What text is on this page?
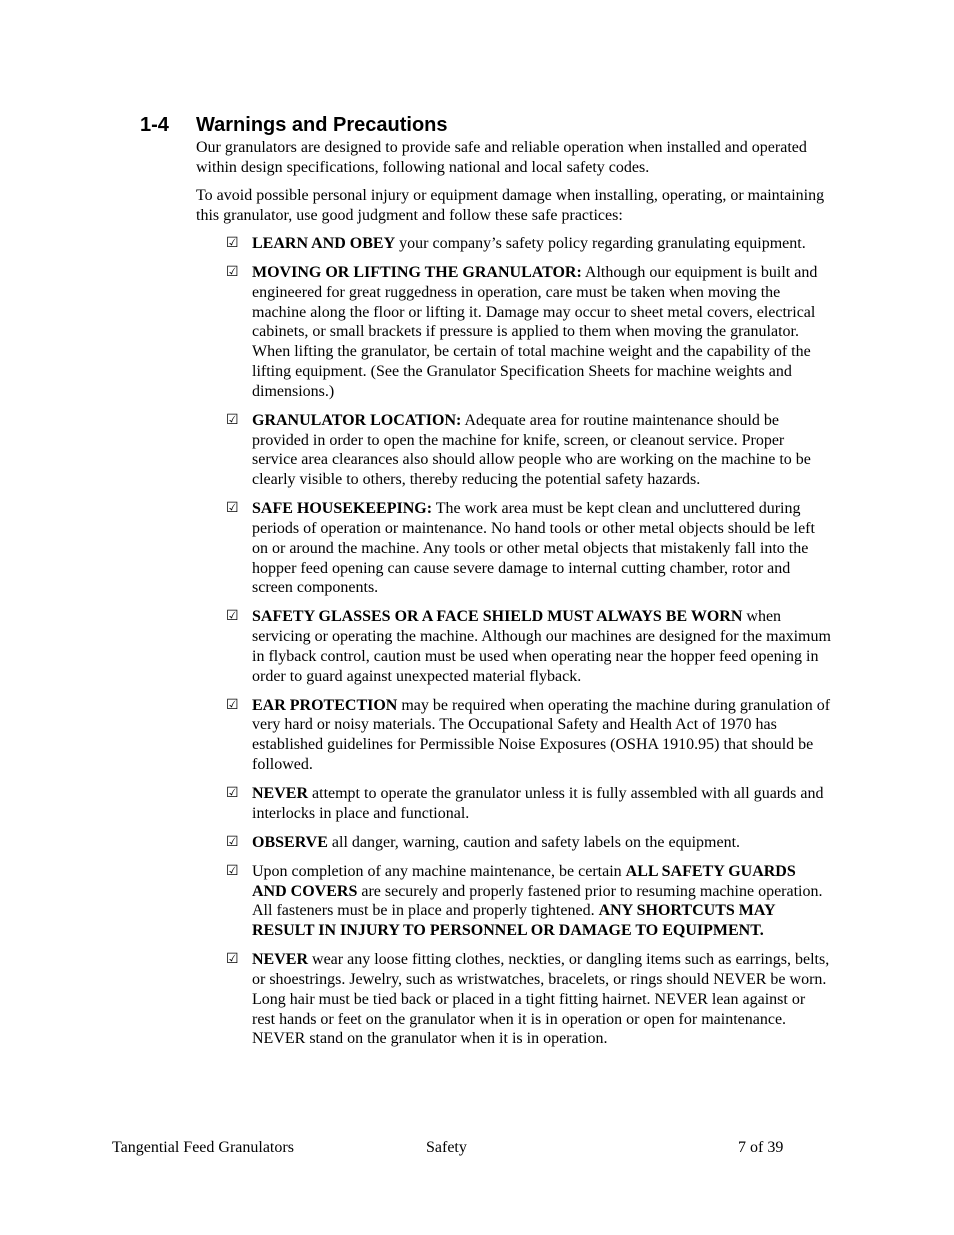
1-4	Warnings and Precautions

Our granulators are designed to provide safe and reliable operation when installed and operated within design specifications, following national and local safety codes.

To avoid possible personal injury or equipment damage when installing, operating, or maintaining this granulator, use good judgment and follow these safe practices:

☑ LEARN AND OBEY your company’s safety policy regarding granulating equipment.
☑ MOVING OR LIFTING THE GRANULATOR: Although our equipment is built and engineered for great ruggedness in operation, care must be taken when moving the machine along the floor or lifting it. Damage may occur to sheet metal covers, electrical cabinets, or small brackets if pressure is applied to them when moving the granulator. When lifting the granulator, be certain of total machine weight and the capability of the lifting equipment. (See the Granulator Specification Sheets for machine weights and dimensions.)
☑ GRANULATOR LOCATION: Adequate area for routine maintenance should be provided in order to open the machine for knife, screen, or cleanout service. Proper service area clearances also should allow people who are working on the machine to be clearly visible to others, thereby reducing the potential safety hazards.
☑ SAFE HOUSEKEEPING: The work area must be kept clean and uncluttered during periods of operation or maintenance. No hand tools or other metal objects should be left on or around the machine. Any tools or other metal objects that mistakenly fall into the hopper feed opening can cause severe damage to internal cutting chamber, rotor and screen components.
☑ SAFETY GLASSES OR A FACE SHIELD MUST ALWAYS BE WORN when servicing or operating the machine. Although our machines are designed for the maximum in flyback control, caution must be used when operating near the hopper feed opening in order to guard against unexpected material flyback.
☑ EAR PROTECTION may be required when operating the machine during granulation of very hard or noisy materials. The Occupational Safety and Health Act of 1970 has established guidelines for Permissible Noise Exposures (OSHA 1910.95) that should be followed.
☑ NEVER attempt to operate the granulator unless it is fully assembled with all guards and interlocks in place and functional.
☑ OBSERVE all danger, warning, caution and safety labels on the equipment.
☑ Upon completion of any machine maintenance, be certain ALL SAFETY GUARDS AND COVERS are securely and properly fastened prior to resuming machine operation. All fasteners must be in place and properly tightened. ANY SHORTCUTS MAY RESULT IN INJURY TO PERSONNEL OR DAMAGE TO EQUIPMENT.
☑ NEVER wear any loose fitting clothes, neckties, or dangling items such as earrings, belts, or shoestrings. Jewelry, such as wristwatches, bracelets, or rings should NEVER be worn. Long hair must be tied back or placed in a tight fitting hairnet. NEVER lean against or rest hands or feet on the granulator when it is in operation or open for maintenance. NEVER stand on the granulator when it is in operation.
Tangential Feed Granulators	Safety	7 of 39
